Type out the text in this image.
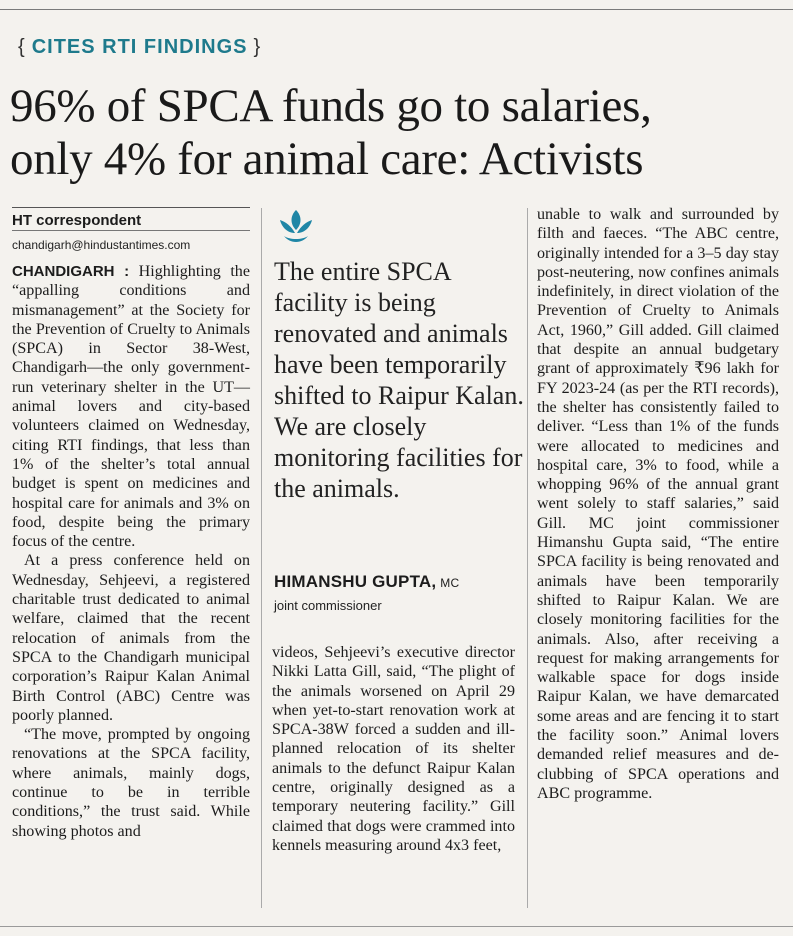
{ CITES RTI FINDINGS }
96% of SPCA funds go to salaries,
only 4% for animal care: Activists
HT correspondent
chandigarh@hindustantimes.com

CHANDIGARH : Highlighting the “appalling conditions and mismanagement” at the Society for the Prevention of Cruelty to Animals (SPCA) in Sector 38-West, Chandigarh—the only government-run veterinary shelter in the UT—animal lovers and city-based volunteers claimed on Wednesday, citing RTI findings, that less than 1% of the shelter’s total annual budget is spent on medicines and hospital care for animals and 3% on food, despite being the primary focus of the centre.

At a press conference held on Wednesday, Sehjeevi, a registered charitable trust dedicated to animal welfare, claimed that the recent relocation of animals from the SPCA to the Chandigarh municipal corporation’s Raipur Kalan Animal Birth Control (ABC) Centre was poorly planned.

“The move, prompted by ongoing renovations at the SPCA facility, where animals, mainly dogs, continue to be in terrible conditions,” the trust said. While showing photos and

The entire SPCA facility is being renovated and animals have been temporarily shifted to Raipur Kalan. We are closely monitoring facilities for the animals.

HIMANSHU GUPTA, MC
joint commissioner

videos, Sehjeevi’s executive director Nikki Latta Gill, said, “The plight of the animals worsened on April 29 when yet-to-start renovation work at SPCA-38W forced a sudden and ill-planned relocation of its shelter animals to the defunct Raipur Kalan centre, originally designed as a temporary neutering facility.” Gill claimed that dogs were crammed into kennels measuring around 4x3 feet,

unable to walk and surrounded by filth and faeces. “The ABC centre, originally intended for a 3–5 day stay post-neutering, now confines animals indefinitely, in direct violation of the Prevention of Cruelty to Animals Act, 1960,” Gill added. Gill claimed that despite an annual budgetary grant of approximately ₹96 lakh for FY 2023-24 (as per the RTI records), the shelter has consistently failed to deliver. “Less than 1% of the funds were allocated to medicines and hospital care, 3% to food, while a whopping 96% of the annual grant went solely to staff salaries,” said Gill. MC joint commissioner Himanshu Gupta said, “The entire SPCA facility is being renovated and animals have been temporarily shifted to Raipur Kalan. We are closely monitoring facilities for the animals. Also, after receiving a request for making arrangements for walkable space for dogs inside Raipur Kalan, we have demarcated some areas and are fencing it to start the facility soon.” Animal lovers demanded relief measures and de-clubbing of SPCA operations and ABC programme.
